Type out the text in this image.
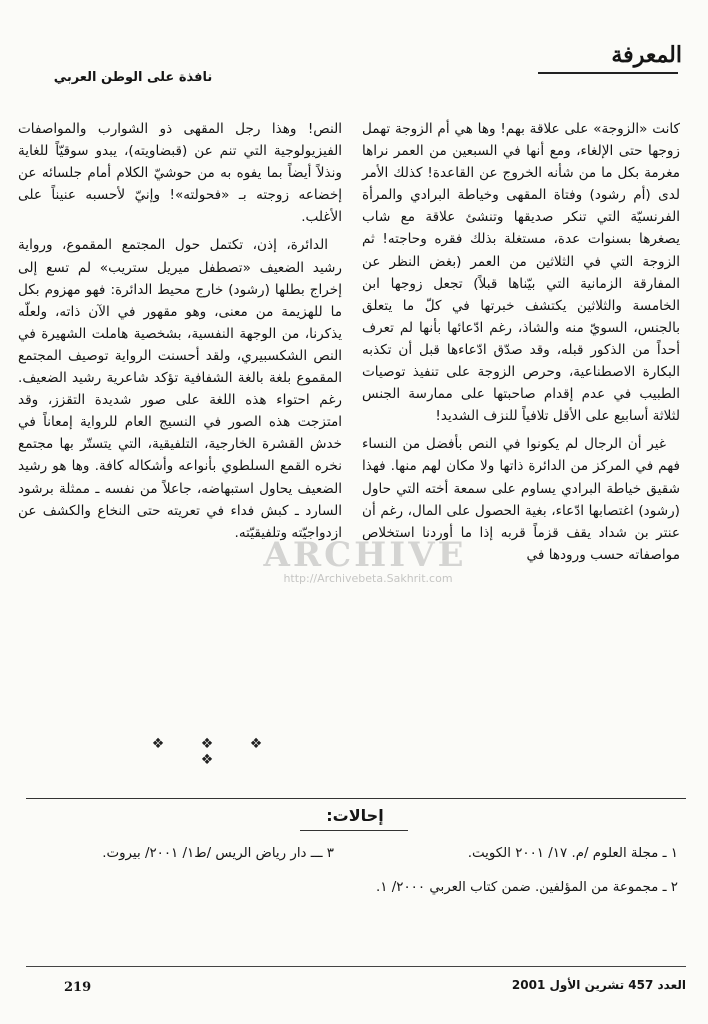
المعرفة
نافذة على الوطن العربي

كانت «الزوجة» على علاقة بهم! وها هي أم الزوجة تهمل زوجها حتى الإلغاء، ومع أنها في السبعين من العمر نراها مغرمة بكل ما من شأنه الخروج عن القاعدة! كذلك الأمر لدى (أم رشود) وفتاة المقهى وخياطة البرادي والمرأة الفرنسيّة التي تنكر صديقها وتنشئ علاقة مع شاب يصغرها بسنوات عدة، مستغلة بذلك فقره وحاجته! ثم الزوجة التي في الثلاثين من العمر (بغض النظر عن المفارقة الزمانية التي بيّناها قبلاً) تجعل زوجها ابن الخامسة والثلاثين يكتشف خبرتها في كلّ ما يتعلق بالجنس، السويّ منه والشاذ، رغم ادّعائها بأنها لم تعرف أحداً من الذكور قبله، وقد صدّق ادّعاءها قبل أن تكذبه البكارة الاصطناعية، وحرص الزوجة على تنفيذ توصيات الطبيب في عدم إقدام صاحبتها على ممارسة الجنس لثلاثة أسابيع على الأقل تلافياً للنزف الشديد!

غير أن الرجال لم يكونوا في النص بأفضل من النساء فهم في المركز من الدائرة ذاتها ولا مكان لهم منها. فهذا شقيق خياطة البرادي يساوم على سمعة أخته التي حاول (رشود) اغتصابها ادّعاء، بغية الحصول على المال، رغم أن عنتر بن شداد يقف قزماً قربه إذا ما أوردنا استخلاص مواصفاته حسب ورودها في

النص! وهذا رجل المقهى ذو الشوارب والمواصفات الفيزيولوجية التي تنم عن (قبضاويته)، يبدو سوقيّاً للغاية ونذلاً أيضاً بما يفوه به من حوشيّ الكلام أمام جلسائه عن إخضاعه زوجته بـ «فحولته»! وإنيّ لأحسبه عنيناً على الأغلب.

الدائرة، إذن، تكتمل حول المجتمع المقموع، ورواية رشيد الضعيف «تصطفل ميريل ستريب» لم تسع إلى إخراج بطلها (رشود) خارج محيط الدائرة: فهو مهزوم بكل ما للهزيمة من معنى، وهو مقهور في الآن ذاته، ولعلّه يذكرنا، من الوجهة النفسية، بشخصية هاملت الشهيرة في النص الشكسبيري، ولقد أحسنت الرواية توصيف المجتمع المقموع بلغة بالغة الشفافية تؤكد شاعرية رشيد الضعيف. رغم احتواء هذه اللغة على صور شديدة التقزز، وقد امتزجت هذه الصور في النسيج العام للرواية إمعاناً في خدش القشرة الخارجية، التلفيقية، التي يتستّر بها مجتمع نخره القمع السلطوي بأنواعه وأشكاله كافة. وها هو رشيد الضعيف يحاول استبهاضه، جاعلاً من نفسه ـ ممثلة برشود السارد ـ كبش فداء في تعريته حتى النخاع والكشف عن ازدواجيّته وتلفيقيّته.

❖ ❖ ❖ ❖
إحالات:
١ ـ مجلة العلوم /م. ١٧/ ٢٠٠١ الكويت.
٢ ـ مجموعة من المؤلفين. ضمن كتاب العربي ٢٠٠٠/ ١.
٣ ـــ دار رياض الريس /ط١/ ٢٠٠١/ بيروت.
219	العدد 457 تشرين الأول 2001
ARCHIVE
http://Archivebeta.Sakhrit.com
